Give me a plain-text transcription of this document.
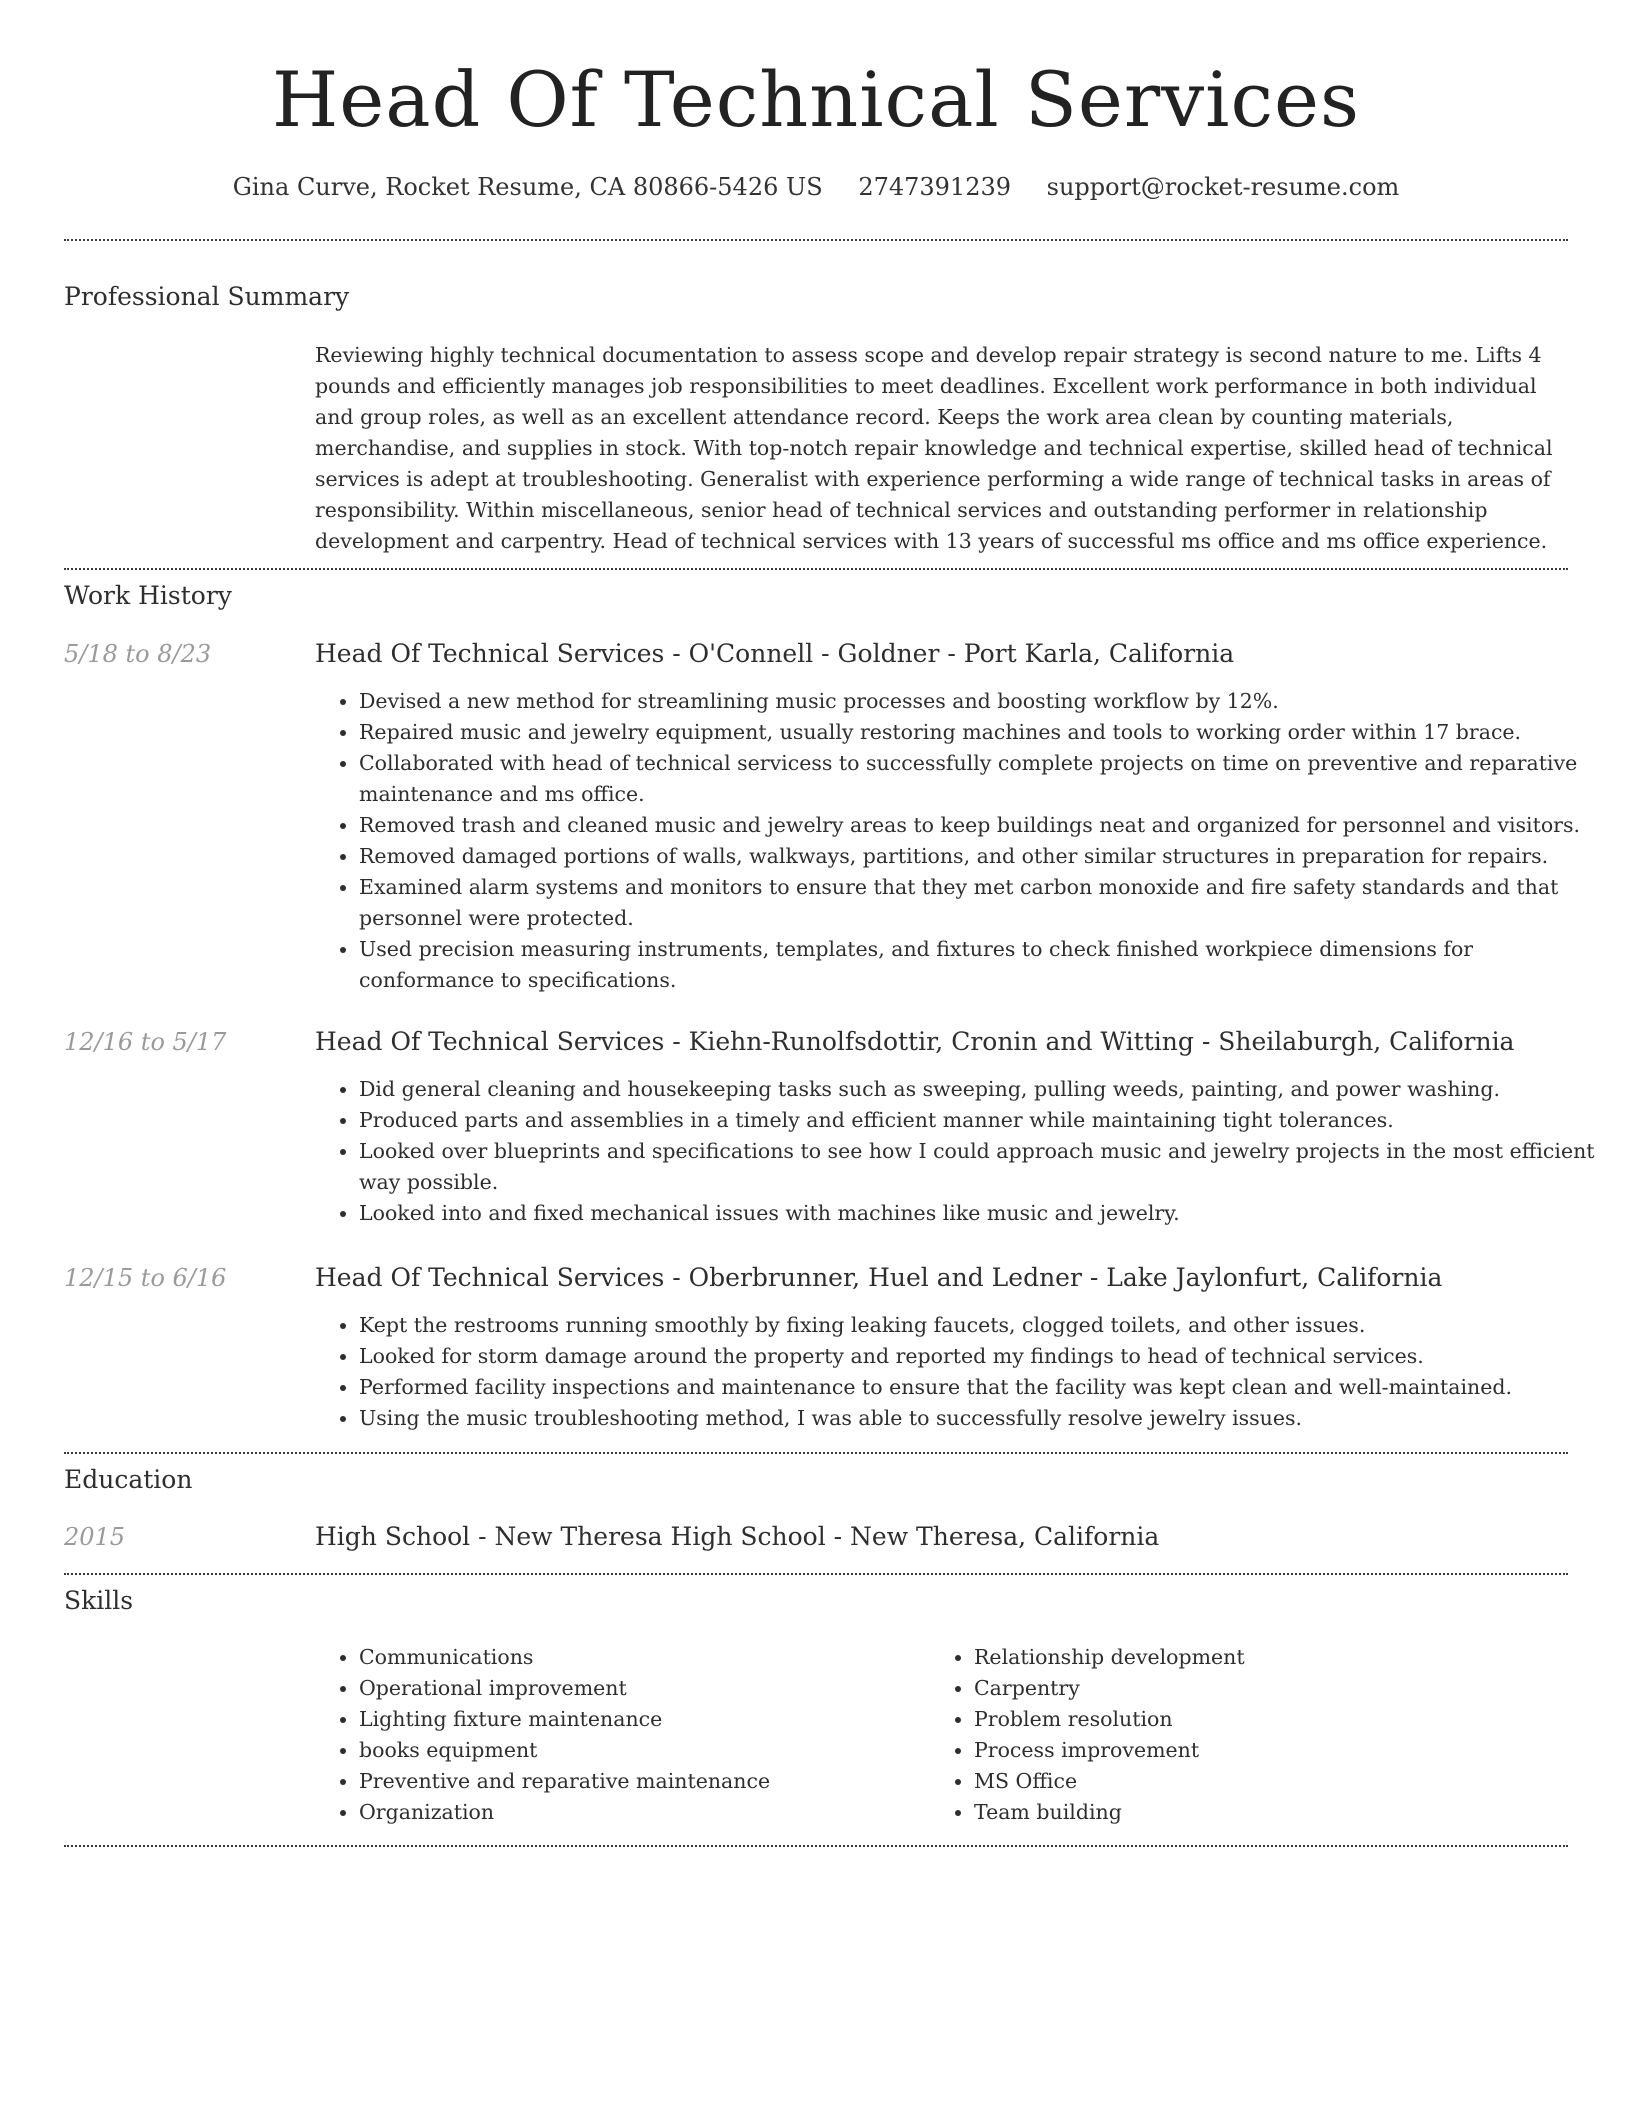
Head Of Technical Services
Gina Curve, Rocket Resume, CA 80866-5426 US 2747391239 support@rocket-resume.com
Professional Summary
Reviewing highly technical documentation to assess scope and develop repair strategy is second nature to me. Lifts 4 pounds and efficiently manages job responsibilities to meet deadlines. Excellent work performance in both individual and group roles, as well as an excellent attendance record. Keeps the work area clean by counting materials, merchandise, and supplies in stock. With top-notch repair knowledge and technical expertise, skilled head of technical services is adept at troubleshooting. Generalist with experience performing a wide range of technical tasks in areas of responsibility. Within miscellaneous, senior head of technical services and outstanding performer in relationship development and carpentry. Head of technical services with 13 years of successful ms office and ms office experience.
Work History
5/18 to 8/23	Head Of Technical Services - O'Connell - Goldner - Port Karla, California
• Devised a new method for streamlining music processes and boosting workflow by 12%.
• Repaired music and jewelry equipment, usually restoring machines and tools to working order within 17 brace.
• Collaborated with head of technical servicess to successfully complete projects on time on preventive and reparative maintenance and ms office.
• Removed trash and cleaned music and jewelry areas to keep buildings neat and organized for personnel and visitors.
• Removed damaged portions of walls, walkways, partitions, and other similar structures in preparation for repairs.
• Examined alarm systems and monitors to ensure that they met carbon monoxide and fire safety standards and that personnel were protected.
• Used precision measuring instruments, templates, and fixtures to check finished workpiece dimensions for conformance to specifications.
12/16 to 5/17	Head Of Technical Services - Kiehn-Runolfsdottir, Cronin and Witting - Sheilaburgh, California
• Did general cleaning and housekeeping tasks such as sweeping, pulling weeds, painting, and power washing.
• Produced parts and assemblies in a timely and efficient manner while maintaining tight tolerances.
• Looked over blueprints and specifications to see how I could approach music and jewelry projects in the most efficient way possible.
• Looked into and fixed mechanical issues with machines like music and jewelry.
12/15 to 6/16	Head Of Technical Services - Oberbrunner, Huel and Ledner - Lake Jaylonfurt, California
• Kept the restrooms running smoothly by fixing leaking faucets, clogged toilets, and other issues.
• Looked for storm damage around the property and reported my findings to head of technical services.
• Performed facility inspections and maintenance to ensure that the facility was kept clean and well-maintained.
• Using the music troubleshooting method, I was able to successfully resolve jewelry issues.
Education
2015	High School - New Theresa High School - New Theresa, California
Skills
• Communications
• Operational improvement
• Lighting fixture maintenance
• books equipment
• Preventive and reparative maintenance
• Organization
• Relationship development
• Carpentry
• Problem resolution
• Process improvement
• MS Office
• Team building
